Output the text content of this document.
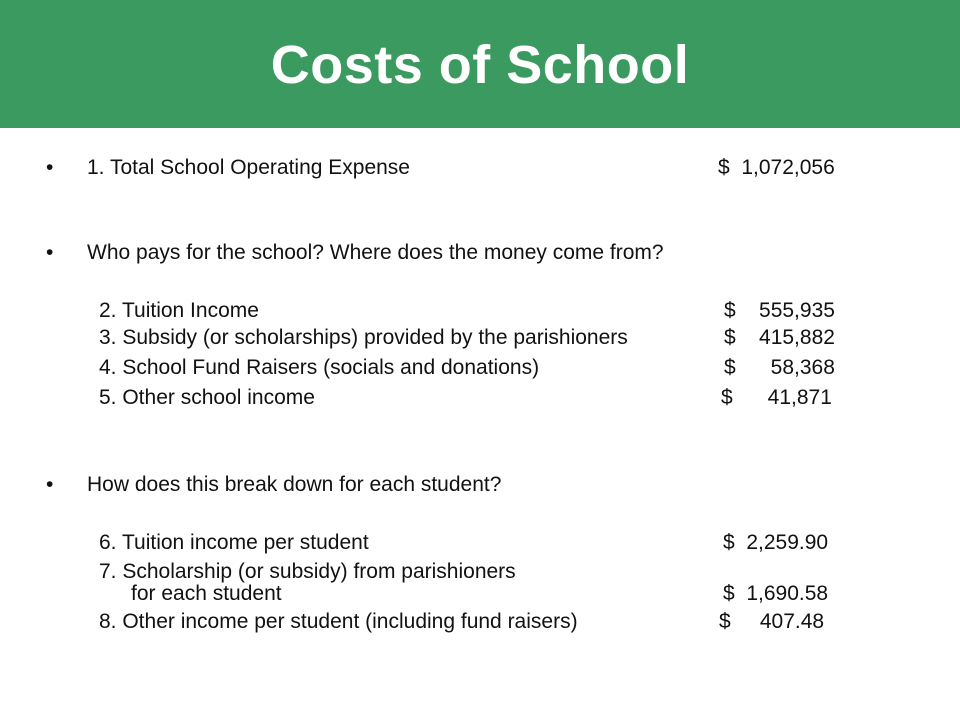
Costs of School
• 1. Total School Operating Expense	$  1,072,056
• Who pays for the school? Where does the money come from?
2. Tuition Income	$    555,935
3. Subsidy (or scholarships) provided by the parishioners	$    415,882
4. School Fund Raisers (socials and donations)	$      58,368
5. Other school income	$      41,871
• How does this break down for each student?
6. Tuition income per student	$  2,259.90
7. Scholarship (or subsidy) from parishioners
for each student	$  1,690.58
8. Other income per student (including fund raisers)	$     407.48
